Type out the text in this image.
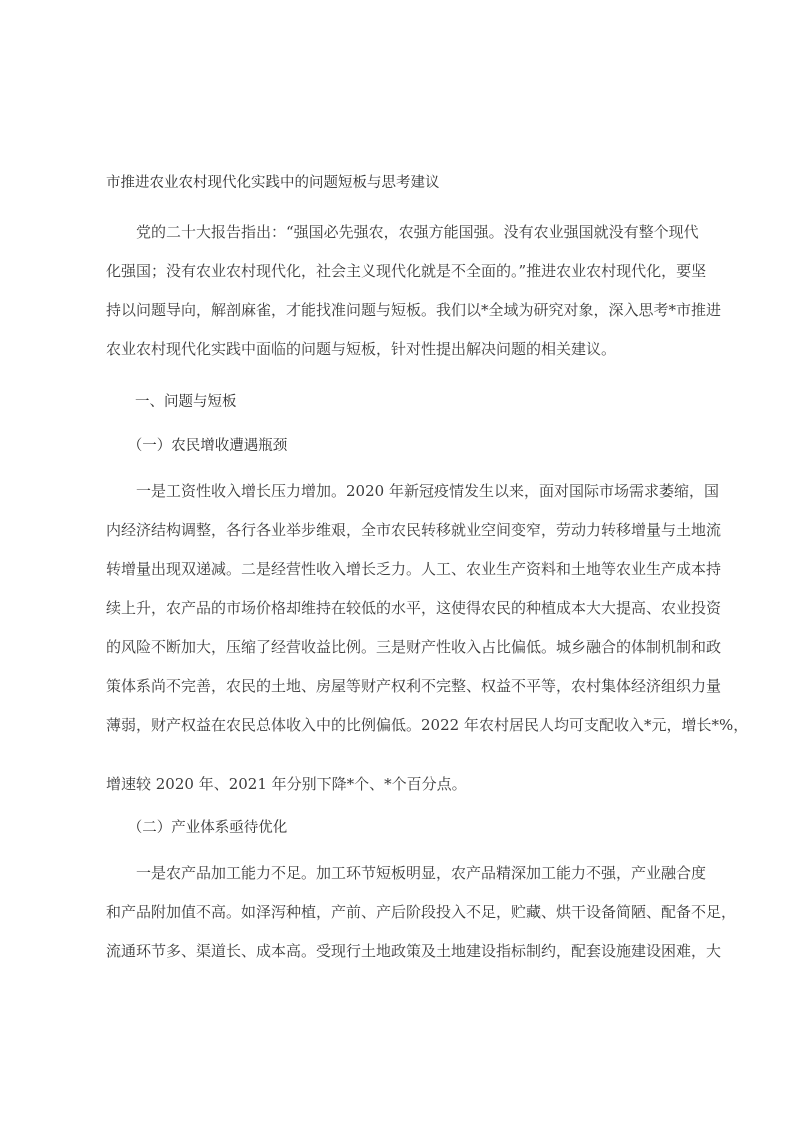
市推进农业农村现代化实践中的问题短板与思考建议
　　党的二十大报告指出：“强国必先强农，农强方能国强。没有农业强国就没有整个现代
化强国；没有农业农村现代化，社会主义现代化就是不全面的。”推进农业农村现代化，要坚
持以问题导向，解剖麻雀，才能找准问题与短板。我们以*全域为研究对象，深入思考*市推进
农业农村现代化实践中面临的问题与短板，针对性提出解决问题的相关建议。
　　一、问题与短板
　　（一）农民增收遭遇瓶颈
　　一是工资性收入增长压力增加。2020 年新冠疫情发生以来，面对国际市场需求萎缩，国
内经济结构调整，各行各业举步维艰，全市农民转移就业空间变窄，劳动力转移增量与土地流
转增量出现双递减。二是经营性收入增长乏力。人工、农业生产资料和土地等农业生产成本持
续上升，农产品的市场价格却维持在较低的水平，这使得农民的种植成本大大提高、农业投资
的风险不断加大，压缩了经营收益比例。三是财产性收入占比偏低。城乡融合的体制机制和政
策体系尚不完善，农民的土地、房屋等财产权利不完整、权益不平等，农村集体经济组织力量
薄弱，财产权益在农民总体收入中的比例偏低。2022 年农村居民人均可支配收入*元，增长*%，
增速较 2020 年、2021 年分别下降*个、*个百分点。
　　（二）产业体系亟待优化
　　一是农产品加工能力不足。加工环节短板明显，农产品精深加工能力不强，产业融合度
和产品附加值不高。如泽泻种植，产前、产后阶段投入不足，贮藏、烘干设备简陋、配备不足，
流通环节多、渠道长、成本高。受现行土地政策及土地建设指标制约，配套设施建设困难，大
